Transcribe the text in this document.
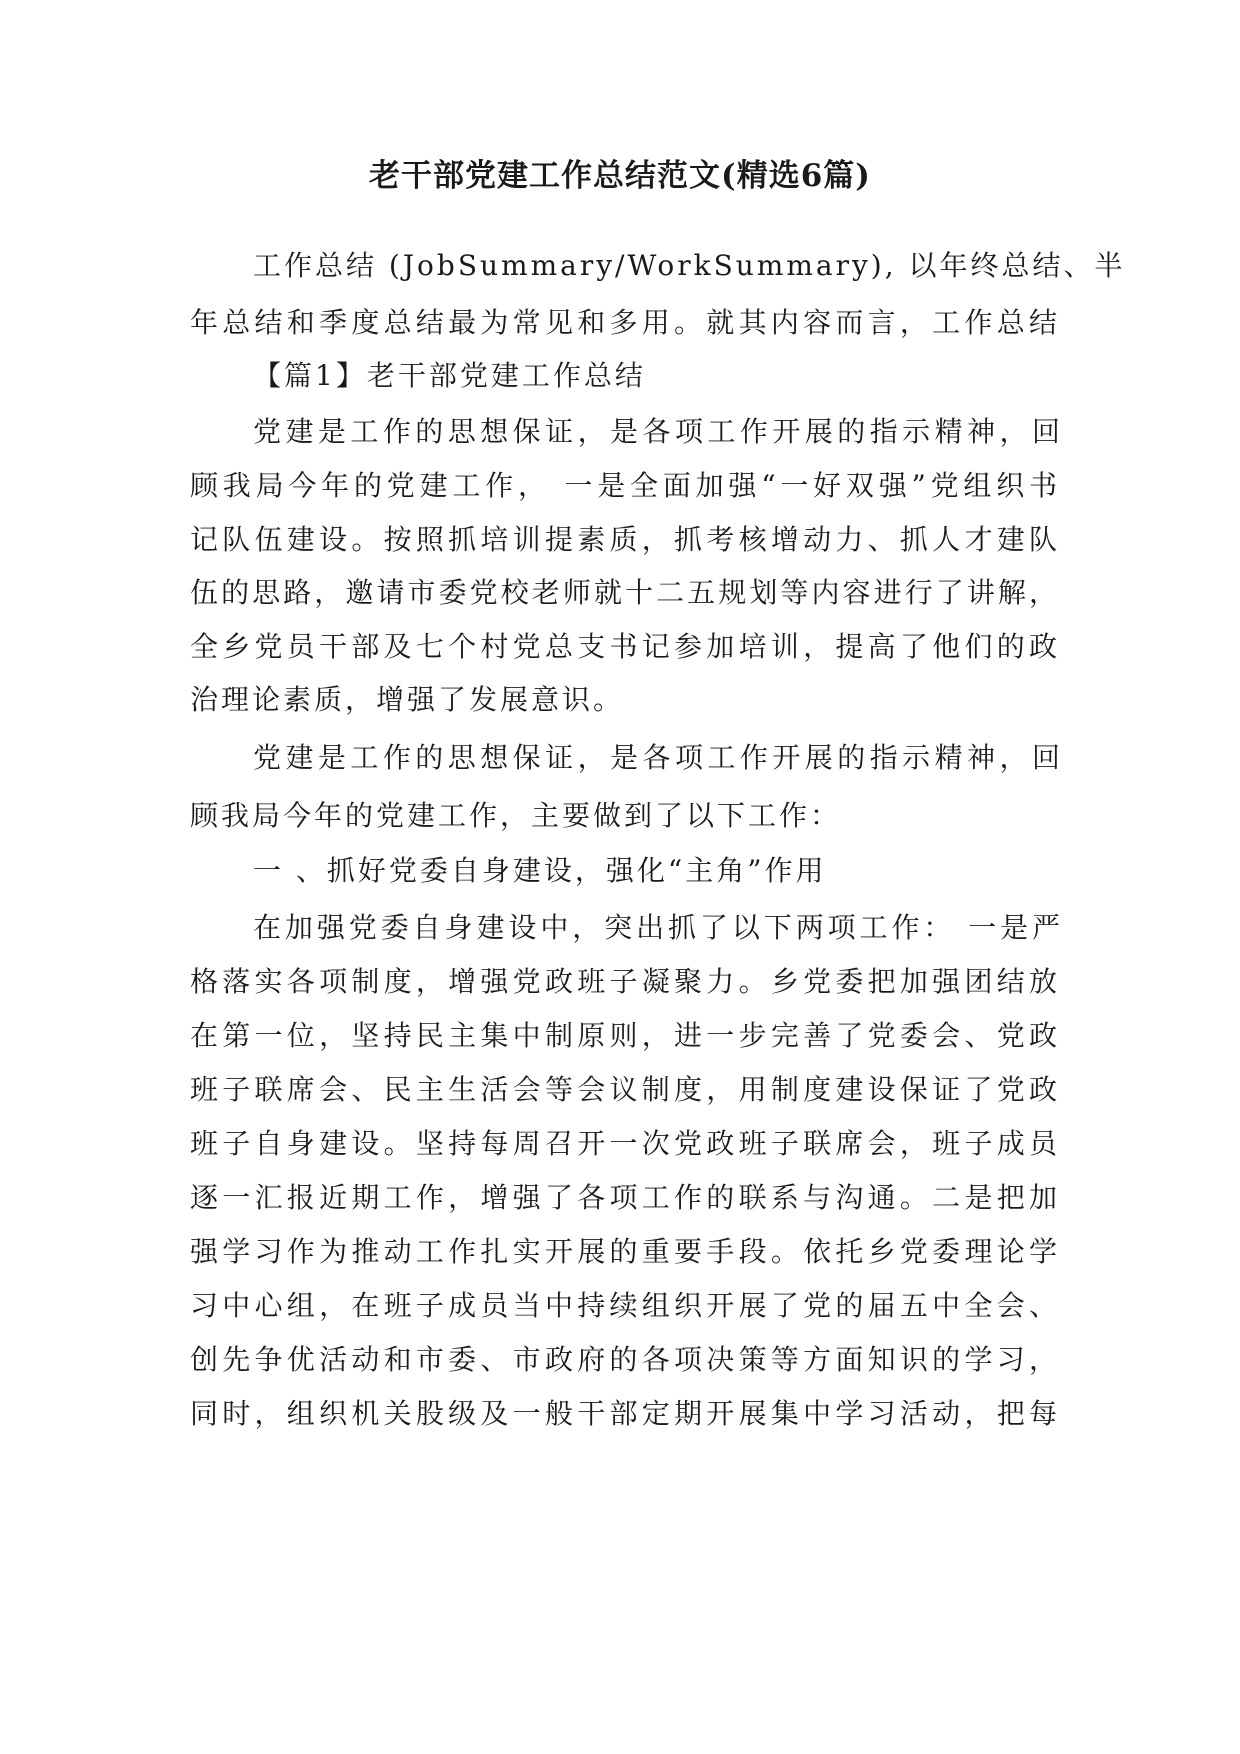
老干部党建工作总结范文(精选6篇)
工作总结 (JobSummary/WorkSummary), 以年终总结、半
年总结和季度总结最为常见和多用。就其内容而言，工作总结
【篇1】老干部党建工作总结
党建是工作的思想保证，是各项工作开展的指示精神，回
顾我局今年的党建工作， 一是全面加强“一好双强”党组织书
记队伍建设。按照抓培训提素质，抓考核增动力、抓人才建队
伍的思路，邀请市委党校老师就十二五规划等内容进行了讲解，
全乡党员干部及七个村党总支书记参加培训，提高了他们的政
治理论素质，增强了发展意识。
党建是工作的思想保证，是各项工作开展的指示精神，回
顾我局今年的党建工作，主要做到了以下工作：
一 、抓好党委自身建设，强化“主角”作用
在加强党委自身建设中，突出抓了以下两项工作： 一是严
格落实各项制度，增强党政班子凝聚力。乡党委把加强团结放
在第一位，坚持民主集中制原则，进一步完善了党委会、党政
班子联席会、民主生活会等会议制度，用制度建设保证了党政
班子自身建设。坚持每周召开一次党政班子联席会，班子成员
逐一汇报近期工作，增强了各项工作的联系与沟通。二是把加
强学习作为推动工作扎实开展的重要手段。依托乡党委理论学
习中心组，在班子成员当中持续组织开展了党的届五中全会、
创先争优活动和市委、市政府的各项决策等方面知识的学习，
同时，组织机关股级及一般干部定期开展集中学习活动，把每
